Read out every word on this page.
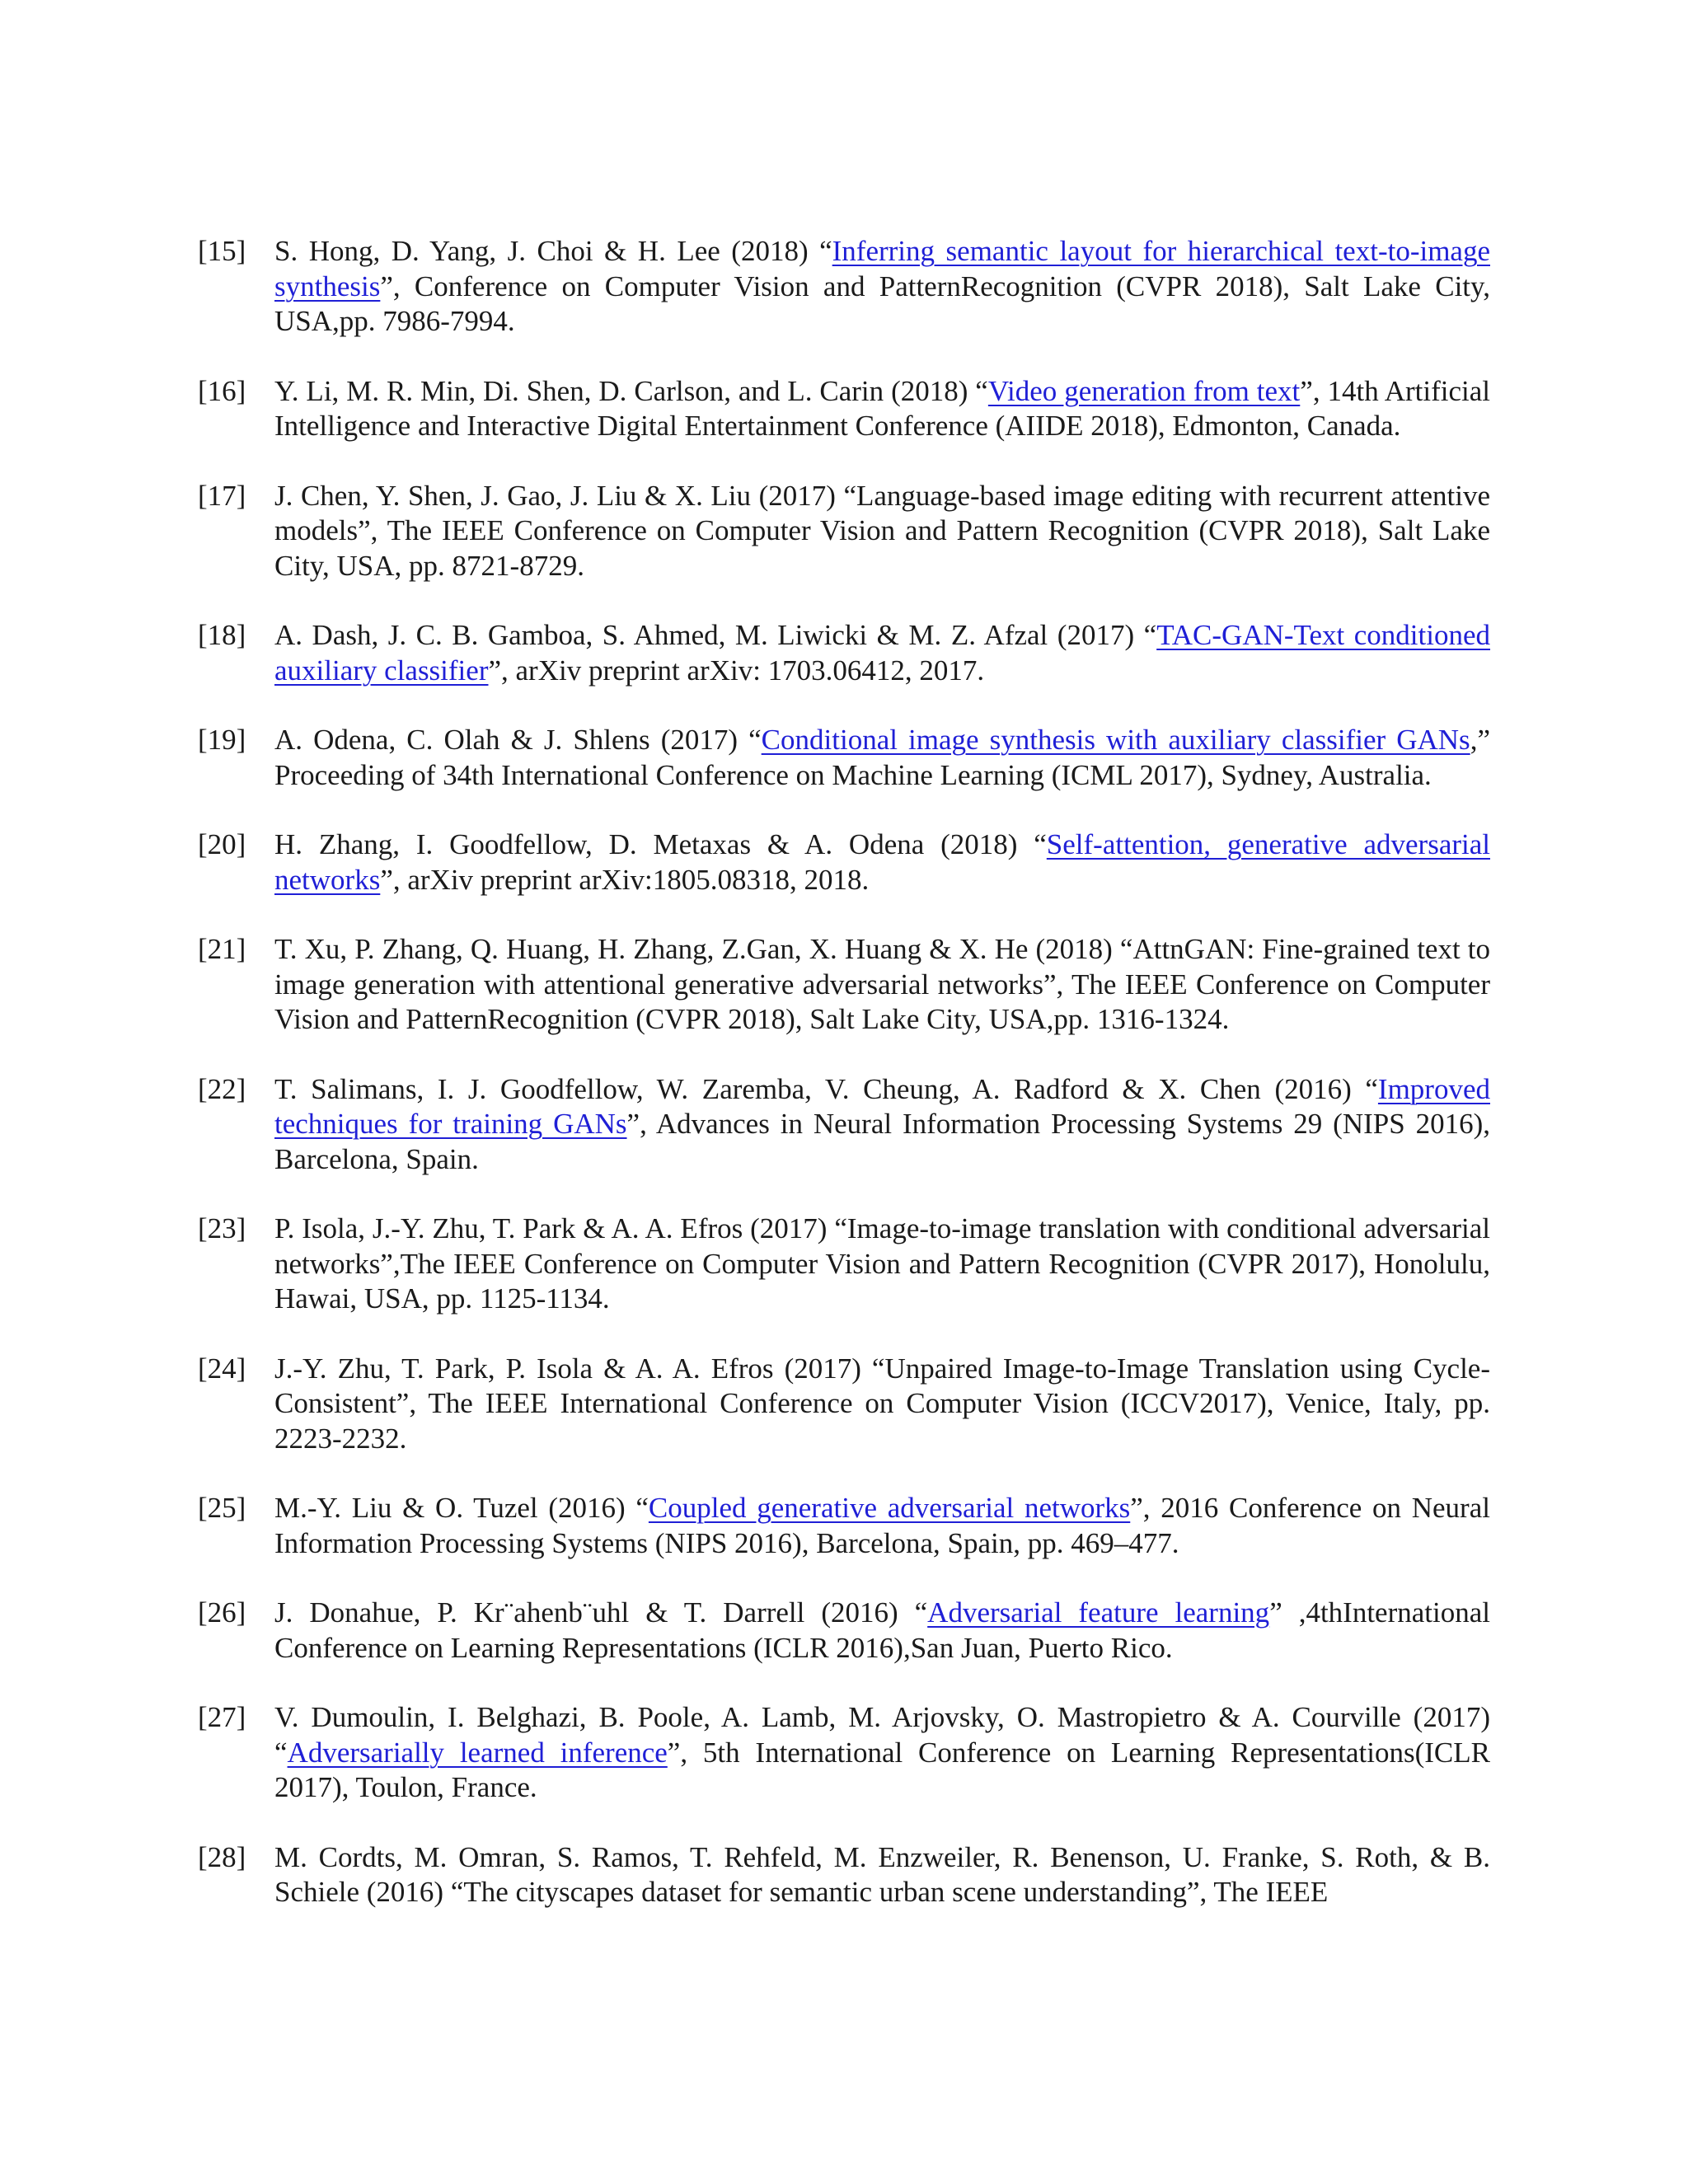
[15] S. Hong, D. Yang, J. Choi & H. Lee (2018) “Inferring semantic layout for hierarchical text-to-image synthesis”, Conference on Computer Vision and PatternRecognition (CVPR 2018), Salt Lake City, USA,pp. 7986-7994.
[16] Y. Li, M. R. Min, Di. Shen, D. Carlson, and L. Carin (2018) “Video generation from text”, 14th Artificial Intelligence and Interactive Digital Entertainment Conference (AIIDE 2018), Edmonton, Canada.
[17] J. Chen, Y. Shen, J. Gao, J. Liu & X. Liu (2017) “Language-based image editing with recurrent attentive models”, The IEEE Conference on Computer Vision and Pattern Recognition (CVPR 2018), Salt Lake City, USA, pp. 8721-8729.
[18] A. Dash, J. C. B. Gamboa, S. Ahmed, M. Liwicki & M. Z. Afzal (2017) “TAC-GAN-Text conditioned auxiliary classifier”, arXiv preprint arXiv: 1703.06412, 2017.
[19] A. Odena, C. Olah & J. Shlens (2017) “Conditional image synthesis with auxiliary classifier GANs,” Proceeding of 34th International Conference on Machine Learning (ICML 2017), Sydney, Australia.
[20] H. Zhang, I. Goodfellow, D. Metaxas & A. Odena (2018) “Self-attention, generative adversarial networks”, arXiv preprint arXiv:1805.08318, 2018.
[21] T. Xu, P. Zhang, Q. Huang, H. Zhang, Z.Gan, X. Huang & X. He (2018) “AttnGAN: Fine-grained text to image generation with attentional generative adversarial networks”, The IEEE Conference on Computer Vision and PatternRecognition (CVPR 2018), Salt Lake City, USA,pp. 1316-1324.
[22] T. Salimans, I. J. Goodfellow, W. Zaremba, V. Cheung, A. Radford & X. Chen (2016) “Improved techniques for training GANs”, Advances in Neural Information Processing Systems 29 (NIPS 2016), Barcelona, Spain.
[23] P. Isola, J.-Y. Zhu, T. Park & A. A. Efros (2017) “Image-to-image translation with conditional adversarial networks”,The IEEE Conference on Computer Vision and Pattern Recognition (CVPR 2017), Honolulu, Hawai, USA, pp. 1125-1134.
[24] J.-Y. Zhu, T. Park, P. Isola & A. A. Efros (2017) “Unpaired Image-to-Image Translation using Cycle-Consistent”, The IEEE International Conference on Computer Vision (ICCV2017), Venice, Italy, pp. 2223-2232.
[25] M.-Y. Liu & O. Tuzel (2016) “Coupled generative adversarial networks”, 2016 Conference on Neural Information Processing Systems (NIPS 2016), Barcelona, Spain, pp. 469–477.
[26] J. Donahue, P. Kr¨ahenb¨uhl & T. Darrell (2016) “Adversarial feature learning” ,4thInternational Conference on Learning Representations (ICLR 2016),San Juan, Puerto Rico.
[27] V. Dumoulin, I. Belghazi, B. Poole, A. Lamb, M. Arjovsky, O. Mastropietro & A. Courville (2017) “Adversarially learned inference”, 5th International Conference on Learning Representations(ICLR 2017), Toulon, France.
[28] M. Cordts, M. Omran, S. Ramos, T. Rehfeld, M. Enzweiler, R. Benenson, U. Franke, S. Roth, & B. Schiele (2016) “The cityscapes dataset for semantic urban scene understanding”, The IEEE
